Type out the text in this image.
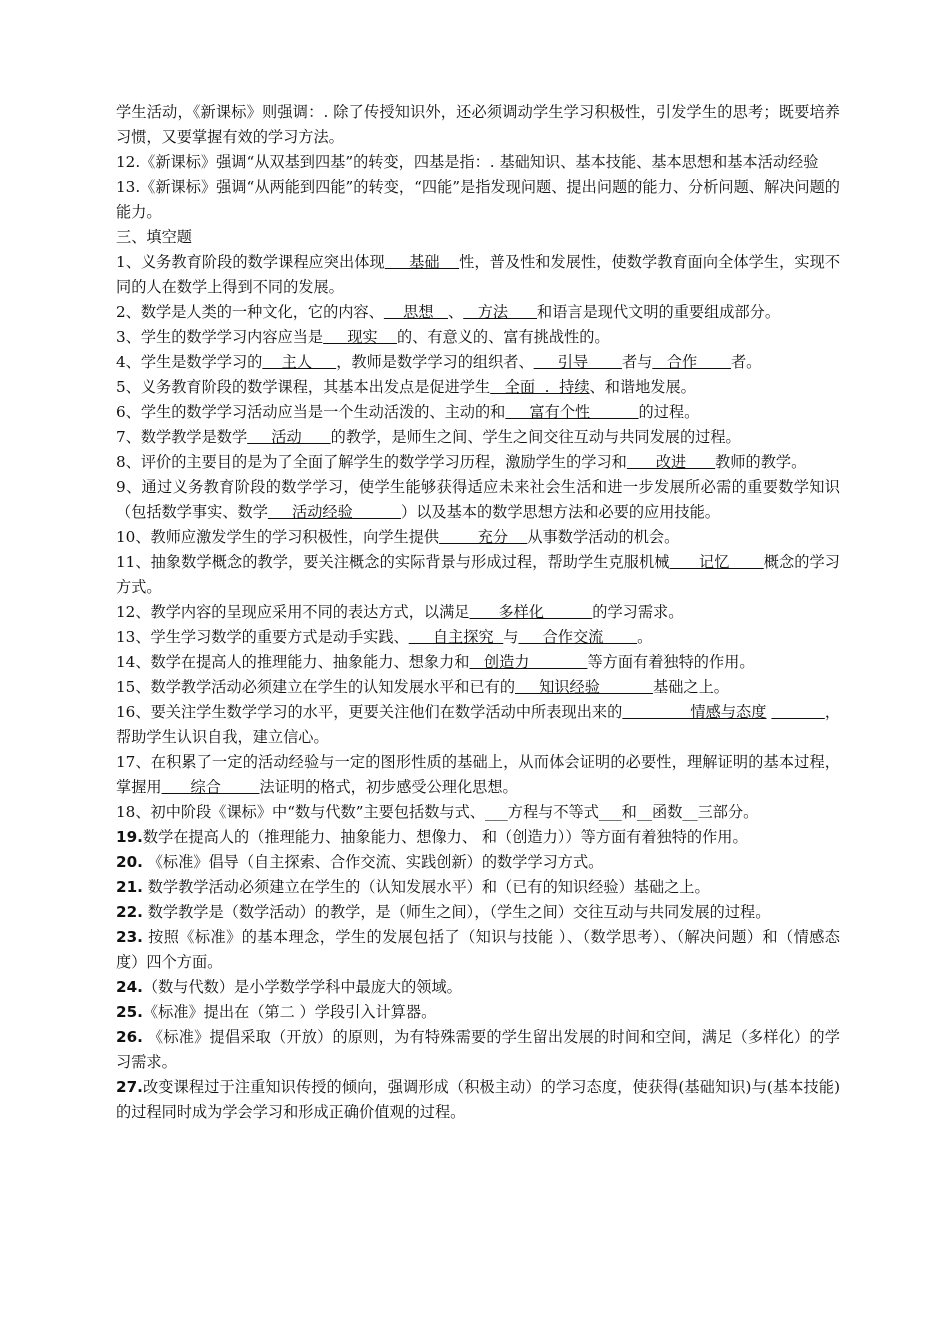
学生活动，《新课标》则强调：. 除了传授知识外，还必须调动学生学习积极性，引发学生的思考；既要培养习惯，又要掌握有效的学习方法。

12.《新课标》强调“从双基到四基”的转变，四基是指：. 基础知识、基本技能、基本思想和基本活动经验

13.《新课标》强调“从两能到四能”的转变，“四能”是指发现问题、提出问题的能力、分析问题、解决问题的能力。

三、填空题

1、义务教育阶段的数学课程应突出体现     基础    性，普及性和发展性，使数学教育面向全体学生，实现不同的人在数学上得到不同的发展。

2、数学是人类的一种文化，它的内容、    思想   、   方法      和语言是现代文明的重要组成部分。

3、学生的数学学习内容应当是     现实    的、有意义的、富有挑战性的。

4、学生是数学学习的    主人     ，教师是数学学习的组织者、     引导       者与   合作       者。

5、义务教育阶段的数学课程，其基本出发点是促进学生   全面  .  持续、和谐地发展。

6、学生的数学学习活动应当是一个生动活泼的、主动的和     富有个性          的过程。

7、数学教学是数学     活动      的教学，是师生之间、学生之间交往互动与共同发展的过程。

8、评价的主要目的是为了全面了解学生的数学学习历程，激励学生的学习和      改进      教师的教学。

9、通过义务教育阶段的数学学习，使学生能够获得适应未来社会生活和进一步发展所必需的重要数学知识（包括数学事实、数学     活动经验          ）以及基本的数学思想方法和必要的应用技能。

10、教师应激发学生的学习积极性，向学生提供        充分    从事数学活动的机会。

11、抽象数学概念的教学，要关注概念的实际背景与形成过程，帮助学生克服机械      记忆       概念的学习方式。

12、教学内容的呈现应采用不同的表达方式，以满足      多样化          的学习需求。

13、学生学习数学的重要方式是动手实践、     自主探究  与     合作交流       。

14、数学在提高人的推理能力、抽象能力、想象力和   创造力            等方面有着独特的作用。

15、数学教学活动必须建立在学生的认知发展水平和已有的     知识经验           基础之上。

16、要关注学生数学学习的水平，更要关注他们在数学活动中所表现出来的              情感与态度	，帮助学生认识自我，建立信心。

17、在积累了一定的活动经验与一定的图形性质的基础上，从而体会证明的必要性，理解证明的基本过程，掌握用      综合        法证明的格式，初步感受公理化思想。

18、初中阶段《课标》中“数与代数”主要包括数与式、___方程与不等式___和__函数__三部分。

19.数学在提高人的（推理能力、抽象能力、想像力、 和（创造力））等方面有着独特的作用。

20. 《标准》倡导（自主探索、合作交流、实践创新）的数学学习方式。

21. 数学教学活动必须建立在学生的（认知发展水平）和（已有的知识经验）基础之上。

22. 数学教学是（数学活动）的教学，是（师生之间），（学生之间）交往互动与共同发展的过程。

23. 按照《标准》的基本理念，学生的发展包括了（知识与技能 ）、（数学思考）、（解决问题）和（情感态度）四个方面。

24.（数与代数）是小学数学学科中最庞大的领域。

25.《标准》提出在（第二 ）学段引入计算器。

26. 《标准》提倡采取（开放）的原则，为有特殊需要的学生留出发展的时间和空间，满足（多样化）的学习需求。

27.改变课程过于注重知识传授的倾向，强调形成（积极主动）的学习态度，使获得(基础知识)与(基本技能)的过程同时成为学会学习和形成正确价值观的过程。
